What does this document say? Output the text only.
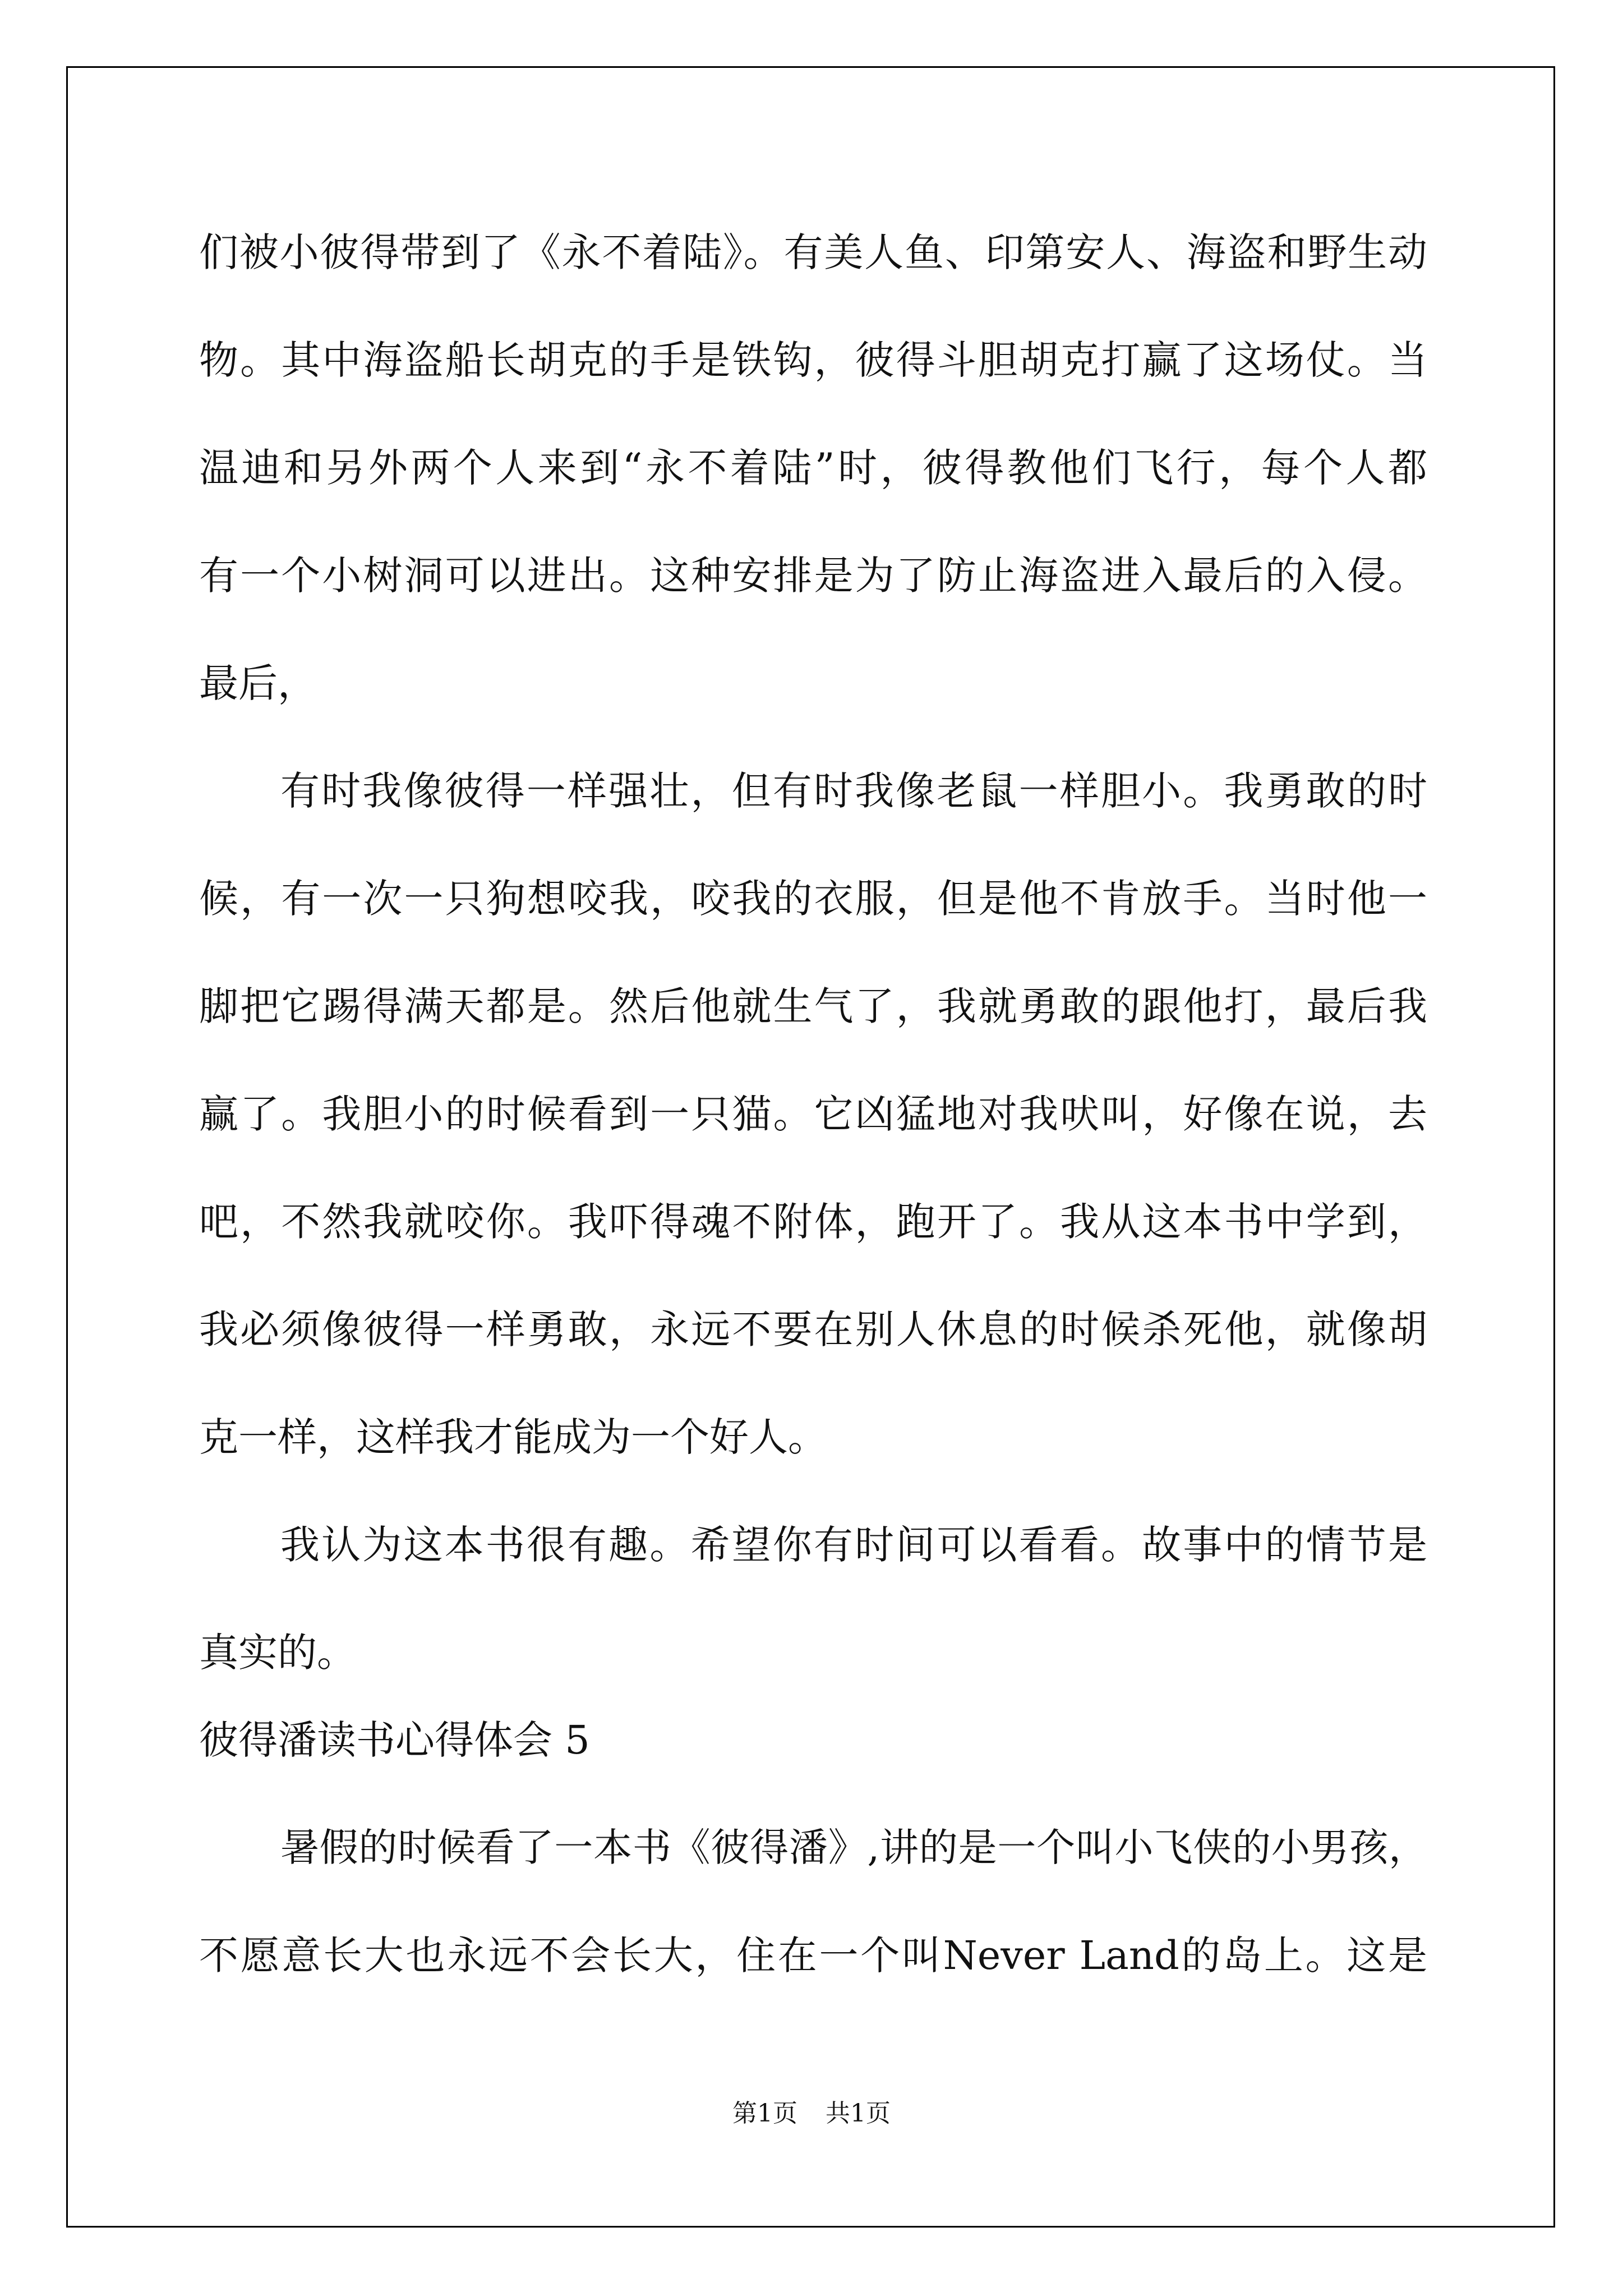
们被小彼得带到了《永不着陆》。有美人鱼、印第安人、海盗和野生动
物。其中海盗船长胡克的手是铁钩，彼得斗胆胡克打赢了这场仗。当
温迪和另外两个人来到“永不着陆”时，彼得教他们飞行，每个人都
有一个小树洞可以进出。这种安排是为了防止海盗进入最后的入侵。
最后，
有时我像彼得一样强壮，但有时我像老鼠一样胆小。我勇敢的时
候，有一次一只狗想咬我，咬我的衣服，但是他不肯放手。当时他一
脚把它踢得满天都是。然后他就生气了，我就勇敢的跟他打，最后我
赢了。我胆小的时候看到一只猫。它凶猛地对我吠叫，好像在说，去
吧，不然我就咬你。我吓得魂不附体，跑开了。我从这本书中学到，
我必须像彼得一样勇敢，永远不要在别人休息的时候杀死他，就像胡
克一样，这样我才能成为一个好人。
我认为这本书很有趣。希望你有时间可以看看。故事中的情节是
真实的。
彼得潘读书心得体会 5
暑假的时候看了一本书《彼得潘》,讲的是一个叫小飞侠的小男孩，
不愿意长大也永远不会长大，住在一个叫Never Land的岛上。这是
第1页 共1页
